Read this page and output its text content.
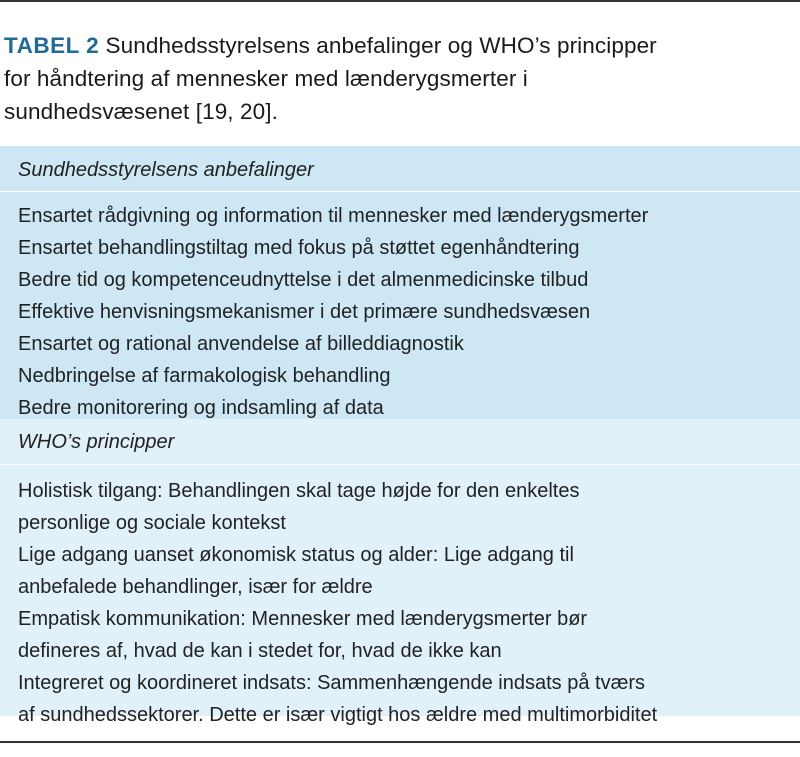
TABEL 2 Sundhedsstyrelsens anbefalinger og WHO’s principper
for håndtering af mennesker med lænderygsmerter i
sundhedsvæsenet [19, 20].
Sundhedsstyrelsens anbefalinger
Ensartet rådgivning og information til mennesker med lænderygsmerter
Ensartet behandlingstiltag med fokus på støttet egenhåndtering
Bedre tid og kompetenceudnyttelse i det almenmedicinske tilbud
Effektive henvisningsmekanismer i det primære sundhedsvæsen
Ensartet og rational anvendelse af billeddiagnostik
Nedbringelse af farmakologisk behandling
Bedre monitorering og indsamling af data
WHO’s principper
Holistisk tilgang: Behandlingen skal tage højde for den enkeltes
personlige og sociale kontekst
Lige adgang uanset økonomisk status og alder: Lige adgang til
anbefalede behandlinger, især for ældre
Empatisk kommunikation: Mennesker med lænderygsmerter bør
defineres af, hvad de kan i stedet for, hvad de ikke kan
Integreret og koordineret indsats: Sammenhængende indsats på tværs
af sundhedssektorer. Dette er især vigtigt hos ældre med multimorbiditet
